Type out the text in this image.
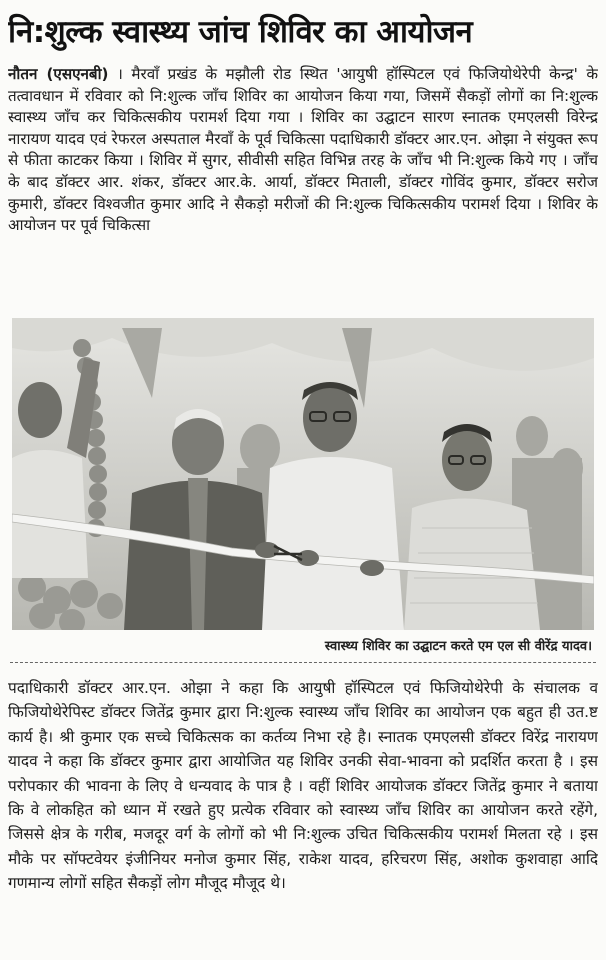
नि:शुल्क स्वास्थ्य जांच शिविर का आयोजन
नौतन (एसएनबी) । मैरवाँ प्रखंड के मझौली रोड स्थित 'आयुषी हॉस्पिटल एवं फिजियोथेरेपी केन्द्र' के तत्वावधान में रविवार को नि:शुल्क जाँच शिविर का आयोजन किया गया, जिसमें सैकड़ों लोगों का नि:शुल्क स्वास्थ्य जाँच कर चिकित्सकीय परामर्श दिया गया । शिविर का उद्घाटन सारण स्नातक एमएलसी विरेन्द्र नारायण यादव एवं रेफरल अस्पताल मैरवाँ के पूर्व चिकित्सा पदाधिकारी डॉक्टर आर.एन. ओझा ने संयुक्त रूप से फीता काटकर किया । शिविर में सुगर, सीवीसी सहित विभिन्न तरह के जाँच भी नि:शुल्क किये गए । जाँच के बाद डॉक्टर आर. शंकर, डॉक्टर आर.के. आर्या, डॉक्टर मिताली, डॉक्टर गोविंद कुमार, डॉक्टर सरोज कुमारी, डॉक्टर विश्वजीत कुमार आदि ने सैकड़ो मरीजों की नि:शुल्क चिकित्सकीय परामर्श दिया । शिविर के आयोजन पर पूर्व चिकित्सा
स्वास्थ्य शिविर का उद्घाटन करते एम एल सी वीरेंद्र यादव।
पदाधिकारी डॉक्टर आर.एन. ओझा ने कहा कि आयुषी हॉस्पिटल एवं फिजियोथेरेपी के संचालक व फिजियोथेरेपिस्ट डॉक्टर जितेंद्र कुमार द्वारा नि:शुल्क स्वास्थ्य जाँच शिविर का आयोजन एक बहुत ही उत.ष्ट कार्य है। श्री कुमार एक सच्चे चिकित्सक का कर्तव्य निभा रहे है। स्नातक एमएलसी डॉक्टर विरेंद्र नारायण यादव ने कहा कि डॉक्टर कुमार द्वारा आयोजित यह शिविर उनकी सेवा-भावना को प्रदर्शित करता है । इस परोपकार की भावना के लिए वे धन्यवाद के पात्र है । वहीं शिविर आयोजक डॉक्टर जितेंद्र कुमार ने बताया कि वे लोकहित को ध्यान में रखते हुए प्रत्येक रविवार को स्वास्थ्य जाँच शिविर का आयोजन करते रहेंगे, जिससे क्षेत्र के गरीब, मजदूर वर्ग के लोगों को भी नि:शुल्क उचित चिकित्सकीय परामर्श मिलता रहे । इस मौके पर सॉफ्टवेयर इंजीनियर मनोज कुमार सिंह, राकेश यादव, हरिचरण सिंह, अशोक कुशवाहा आदि गणमान्य लोगों सहित सैकड़ों लोग मौजूद मौजूद थे।
